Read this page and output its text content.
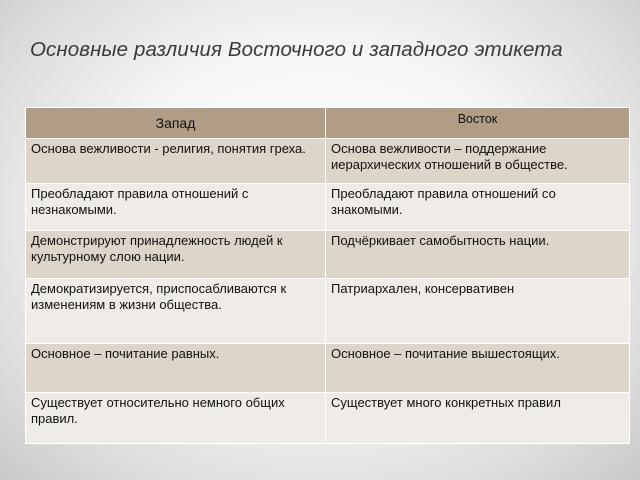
Основные различия Восточного и западного этикета
Запад	Восток
Основа вежливости - религия, понятия греха.	Основа вежливости – поддержание иерархических отношений в обществе.
Преобладают правила отношений с незнакомыми.	Преобладают правила отношений со знакомыми.
Демонстрируют принадлежность людей к культурному слою нации.	Подчёркивает самобытность нации.
Демократизируется, приспосабливаются к изменениям в жизни общества.	Патриархален, консервативен
Основное – почитание равных.	Основное – почитание вышестоящих.
Существует относительно немного общих правил.	Существует много конкретных правил
